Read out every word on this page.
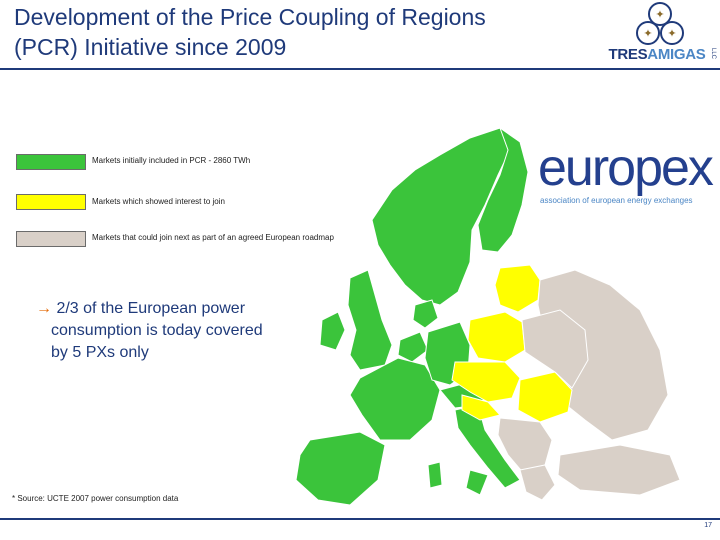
Development of the Price Coupling of Regions (PCR) Initiative since 2009
✦
✦ ✦
TRESAMIGAS LLC
Markets initially included in PCR - 2860 TWh
Markets which showed interest to join
Markets that could join next as part of an agreed European roadmap
europex
association of european energy exchanges
→ 2/3 of the European power
consumption is today covered by 5 PXs only
* Source: UCTE 2007 power consumption data
17
